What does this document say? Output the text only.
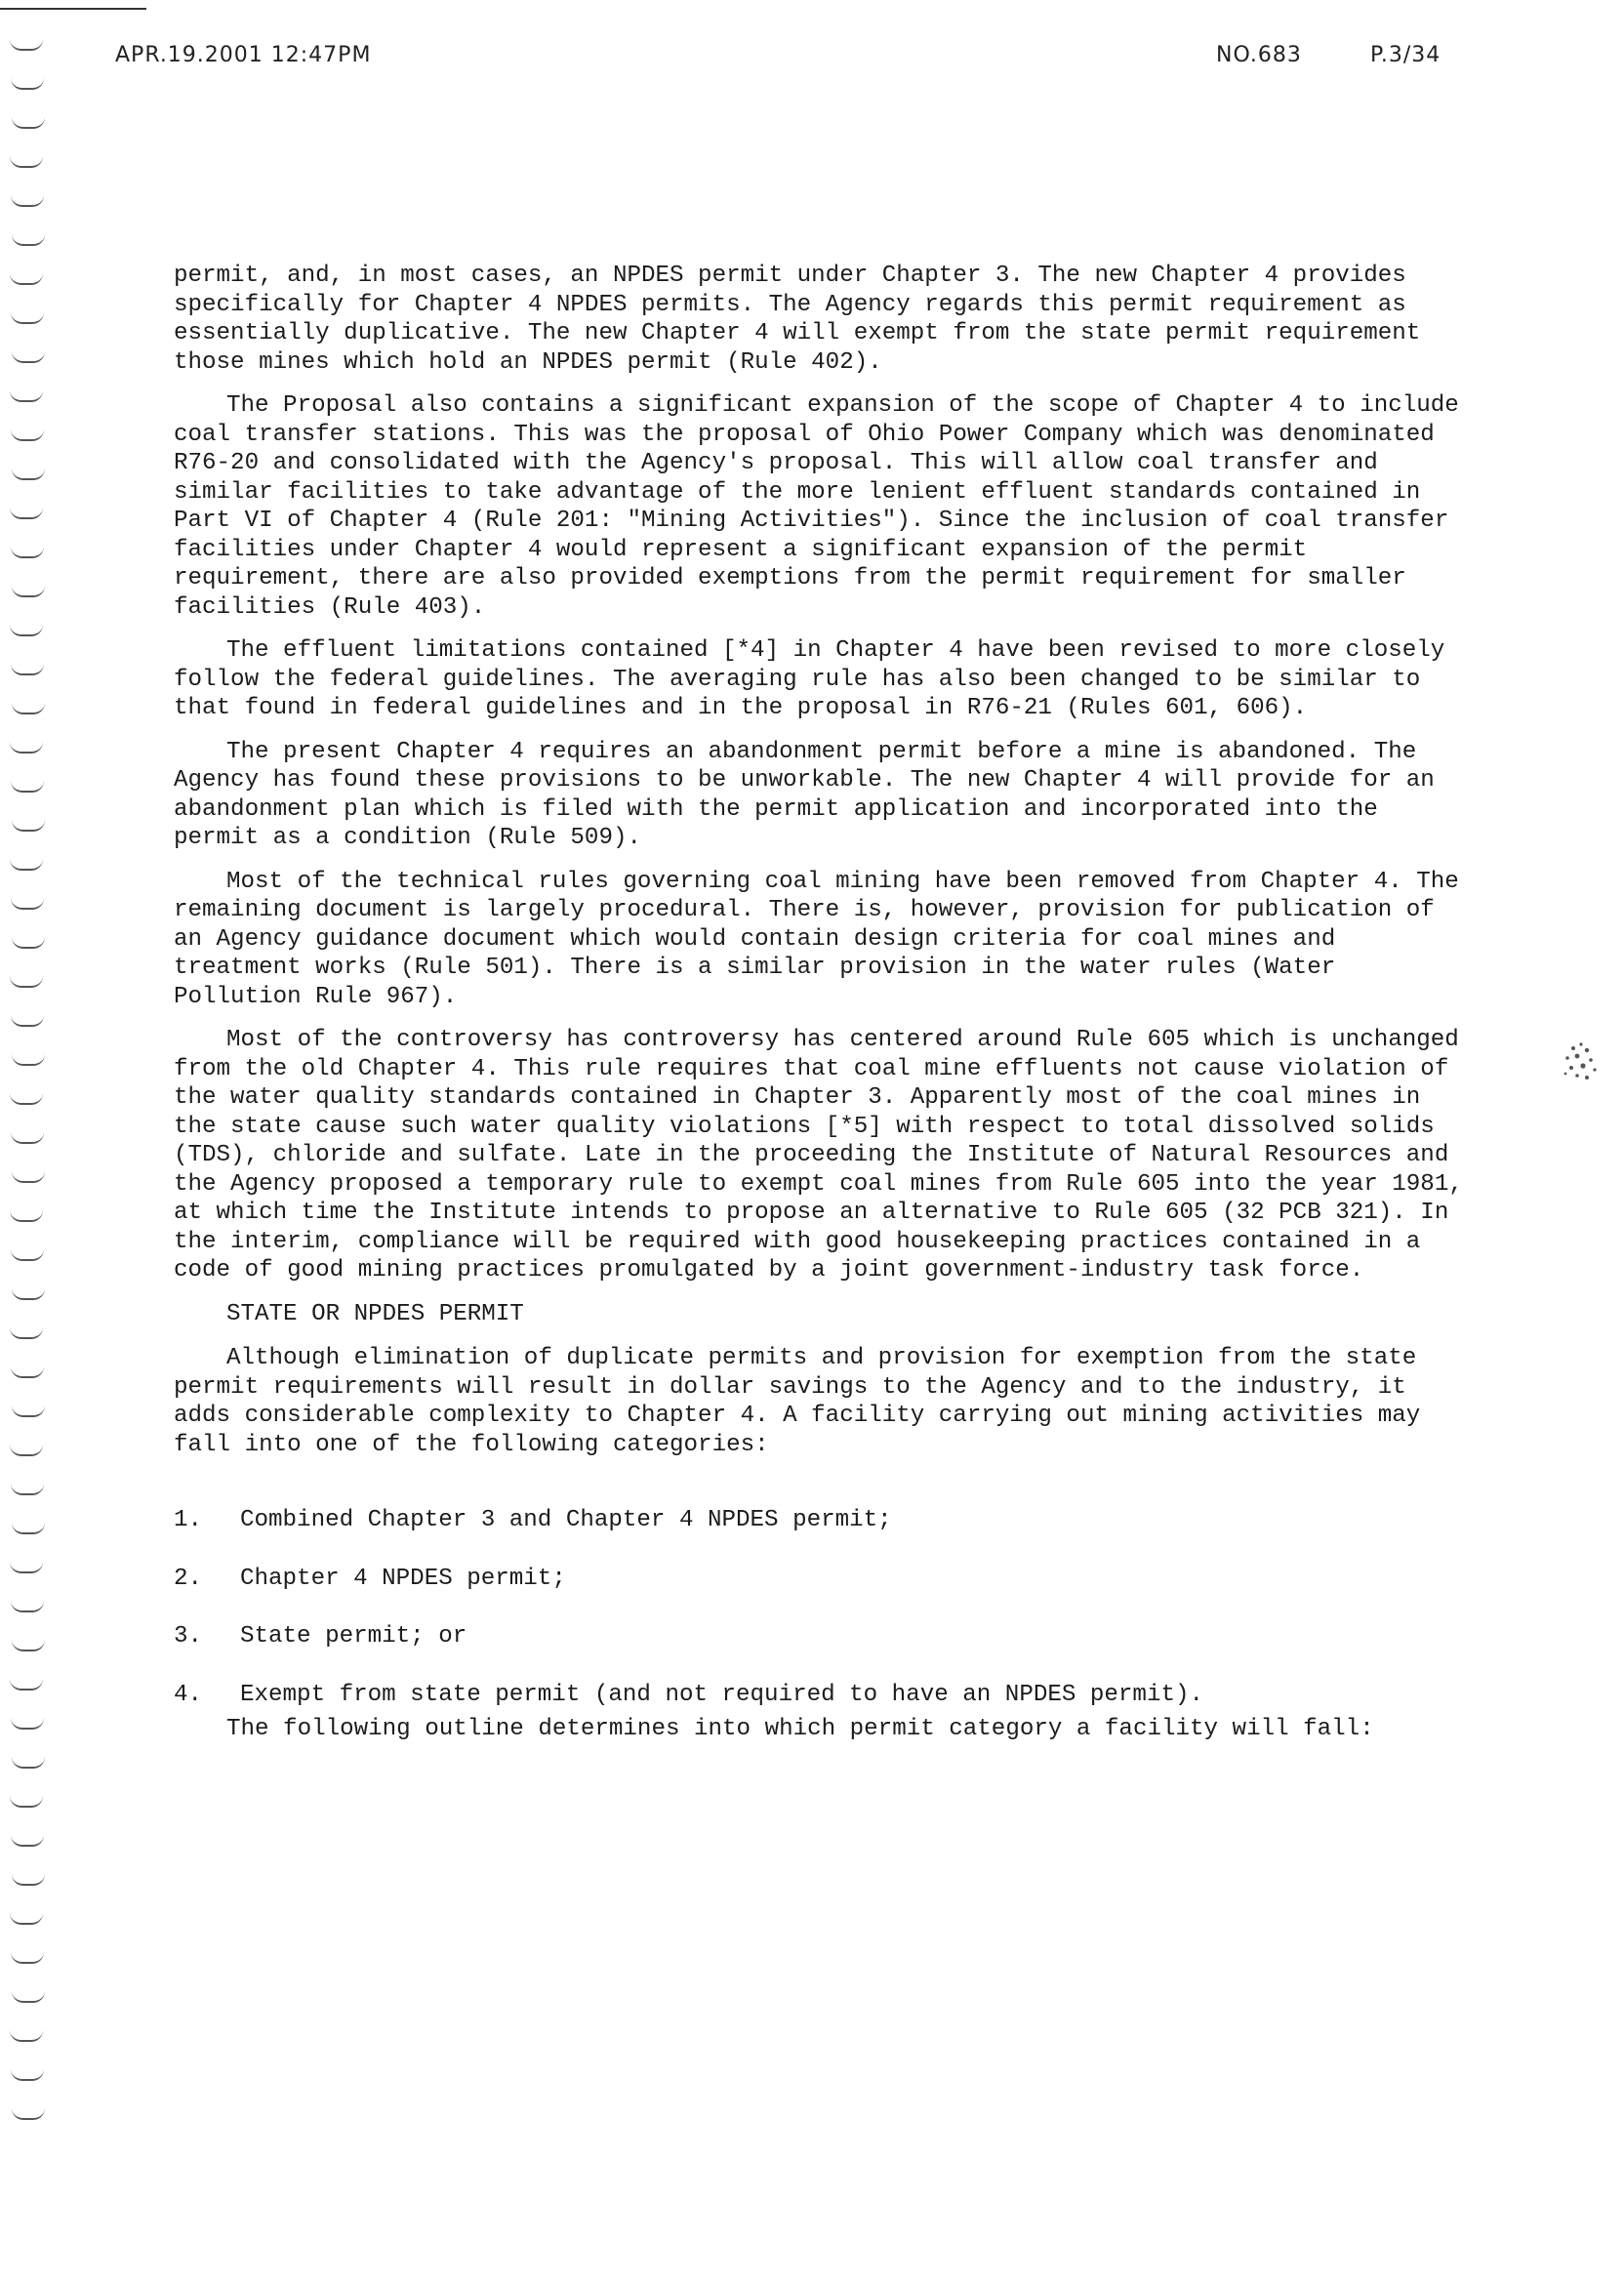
APR.19.2001 12:47PM	NO.683	P.3/34

permit, and, in most cases, an NPDES permit under Chapter 3. The new Chapter 4 provides specifically for Chapter 4 NPDES permits. The Agency regards this permit requirement as essentially duplicative. The new Chapter 4 will exempt from the state permit requirement those mines which hold an NPDES permit (Rule 402).

The Proposal also contains a significant expansion of the scope of Chapter 4 to include coal transfer stations. This was the proposal of Ohio Power Company which was denominated R76-20 and consolidated with the Agency's proposal. This will allow coal transfer and similar facilities to take advantage of the more lenient effluent standards contained in Part VI of Chapter 4 (Rule 201: "Mining Activities"). Since the inclusion of coal transfer facilities under Chapter 4 would represent a significant expansion of the permit requirement, there are also provided exemptions from the permit requirement for smaller facilities (Rule 403).

The effluent limitations contained [*4] in Chapter 4 have been revised to more closely follow the federal guidelines. The averaging rule has also been changed to be similar to that found in federal guidelines and in the proposal in R76-21 (Rules 601, 606).

The present Chapter 4 requires an abandonment permit before a mine is abandoned. The Agency has found these provisions to be unworkable. The new Chapter 4 will provide for an abandonment plan which is filed with the permit application and incorporated into the permit as a condition (Rule 509).

Most of the technical rules governing coal mining have been removed from Chapter 4. The remaining document is largely procedural. There is, however, provision for publication of an Agency guidance document which would contain design criteria for coal mines and treatment works (Rule 501). There is a similar provision in the water rules (Water Pollution Rule 967).

Most of the controversy has controversy has centered around Rule 605 which is unchanged from the old Chapter 4. This rule requires that coal mine effluents not cause violation of the water quality standards contained in Chapter 3. Apparently most of the coal mines in the state cause such water quality violations [*5] with respect to total dissolved solids (TDS), chloride and sulfate. Late in the proceeding the Institute of Natural Resources and the Agency proposed a temporary rule to exempt coal mines from Rule 605 into the year 1981, at which time the Institute intends to propose an alternative to Rule 605 (32 PCB 321). In the interim, compliance will be required with good housekeeping practices contained in a code of good mining practices promulgated by a joint government-industry task force.

STATE OR NPDES PERMIT

Although elimination of duplicate permits and provision for exemption from the state permit requirements will result in dollar savings to the Agency and to the industry, it adds considerable complexity to Chapter 4. A facility carrying out mining activities may fall into one of the following categories:

1.	Combined Chapter 3 and Chapter 4 NPDES permit;
2.	Chapter 4 NPDES permit;
3.	State permit; or
4.	Exempt from state permit (and not required to have an NPDES permit).

The following outline determines into which permit category a facility will fall:
